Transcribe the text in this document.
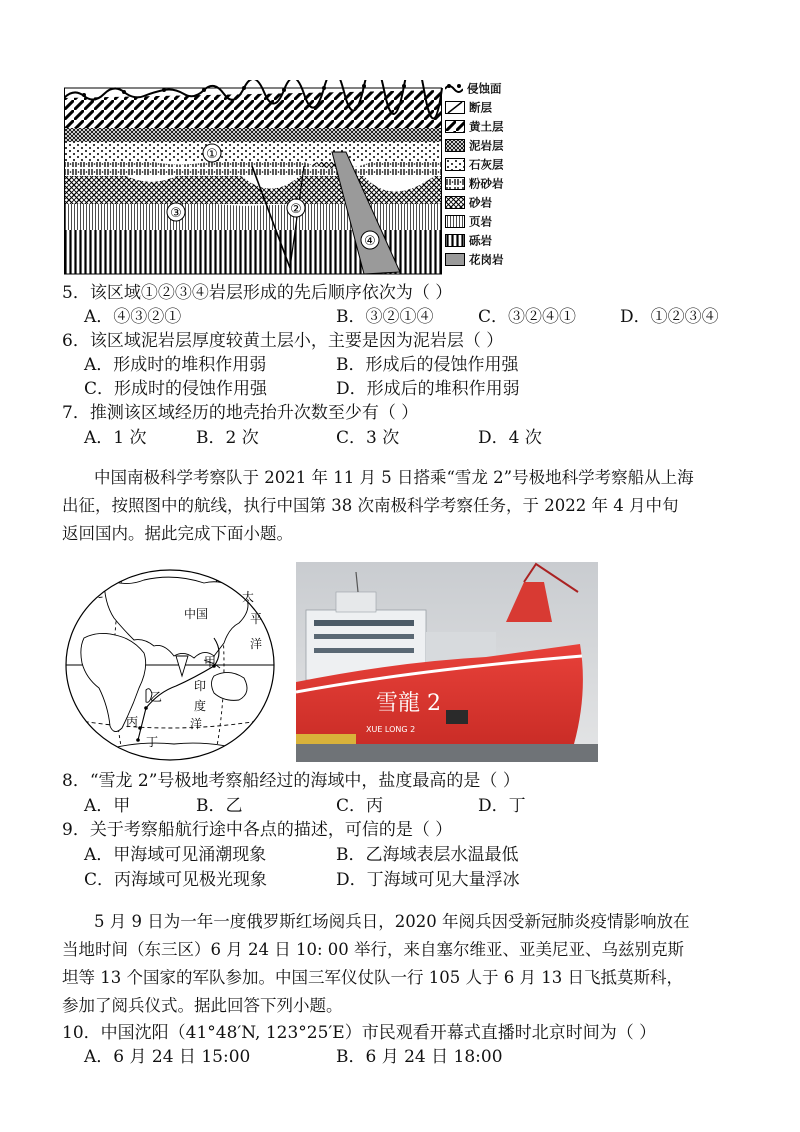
①
②
③
④
侵蚀面
断层
黄土层
泥岩层
石灰层
粉砂岩
砂岩
页岩
砾岩
花岗岩
5．该区域①②③④岩层形成的先后顺序依次为（ ）
A．④③②①	B．③②①④	C．③②④①	D．①②③④
6．该区域泥岩层厚度较黄土层小，主要是因为泥岩层（ ）
A．形成时的堆积作用弱	B．形成后的侵蚀作用强
C．形成时的侵蚀作用强	D．形成后的堆积作用弱
7．推测该区域经历的地壳抬升次数至少有（ ）
A．1 次	B．2 次	C．3 次	D．4 次
中国南极科学考察队于 2021 年 11 月 5 日搭乘“雪龙 2”号极地科学考察船从上海
出征，按照图中的航线，执行中国第 38 次南极科学考察任务，于 2022 年 4 月中旬
返回国内。据此完成下面小题。
中国
太
平
洋
甲
印
度
洋
乙
丙
丁
雪龍 2
XUE LONG 2
8．“雪龙 2”号极地考察船经过的海域中，盐度最高的是（ ）
A．甲	B．乙	C．丙	D．丁
9．关于考察船航行途中各点的描述，可信的是（ ）
A．甲海域可见涌潮现象	B．乙海域表层水温最低
C．丙海域可见极光现象	D．丁海域可见大量浮冰
5 月 9 日为一年一度俄罗斯红场阅兵日，2020 年阅兵因受新冠肺炎疫情影响放在
当地时间（东三区）6 月 24 日 10: 00 举行，来自塞尔维亚、亚美尼亚、乌兹别克斯
坦等 13 个国家的军队参加。中国三军仪仗队一行 105 人于 6 月 13 日飞抵莫斯科，
参加了阅兵仪式。据此回答下列小题。
10．中国沈阳（41°48′N, 123°25′E）市民观看开幕式直播时北京时间为（ ）
A．6 月 24 日 15:00	B．6 月 24 日 18:00
